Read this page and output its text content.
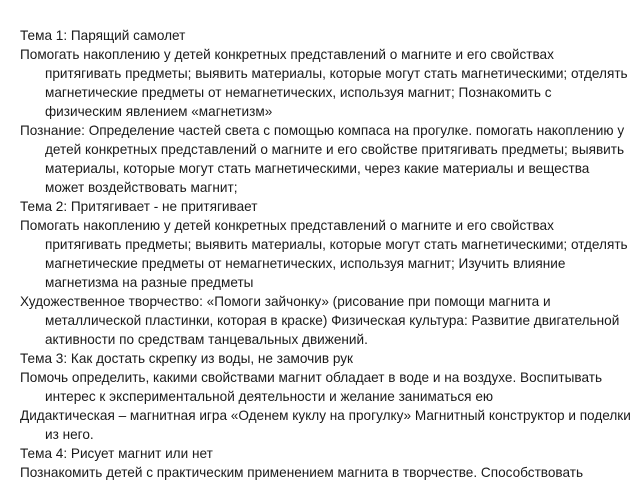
Тема 1: Парящий самолет

Помогать накоплению у детей конкретных представлений о магните и его свойствах притягивать предметы; выявить материалы, которые могут стать магнетическими; отделять магнетические предметы от немагнетических, используя магнит; Познакомить с физическим явлением «магнетизм»

Познание: Определение частей света с помощью компаса на прогулке. помогать накоплению у детей конкретных представлений о магните и его свойстве притягивать предметы; выявить материалы, которые могут стать магнетическими, через какие материалы и вещества может воздействовать магнит;

Тема 2: Притягивает - не притягивает

Помогать накоплению у детей конкретных представлений о магните и его свойствах притягивать предметы; выявить материалы, которые могут стать магнетическими; отделять магнетические предметы от немагнетических, используя магнит; Изучить влияние магнетизма на разные предметы

Художественное творчество: «Помоги зайчонку» (рисование при помощи магнита и металлической пластинки, которая в краске) Физическая культура: Развитие двигательной активности по средствам танцевальных движений.

Тема 3: Как достать скрепку из воды, не замочив рук

Помочь определить, какими свойствами магнит обладает в воде и на воздухе. Воспитывать интерес к экспериментальной деятельности и желание заниматься ею

Дидактическая – магнитная игра «Оденем куклу на прогулку» Магнитный конструктор и поделки из него.

Тема 4: Рисует магнит или нет

Познакомить детей с практическим применением магнита в творчестве. Способствовать
